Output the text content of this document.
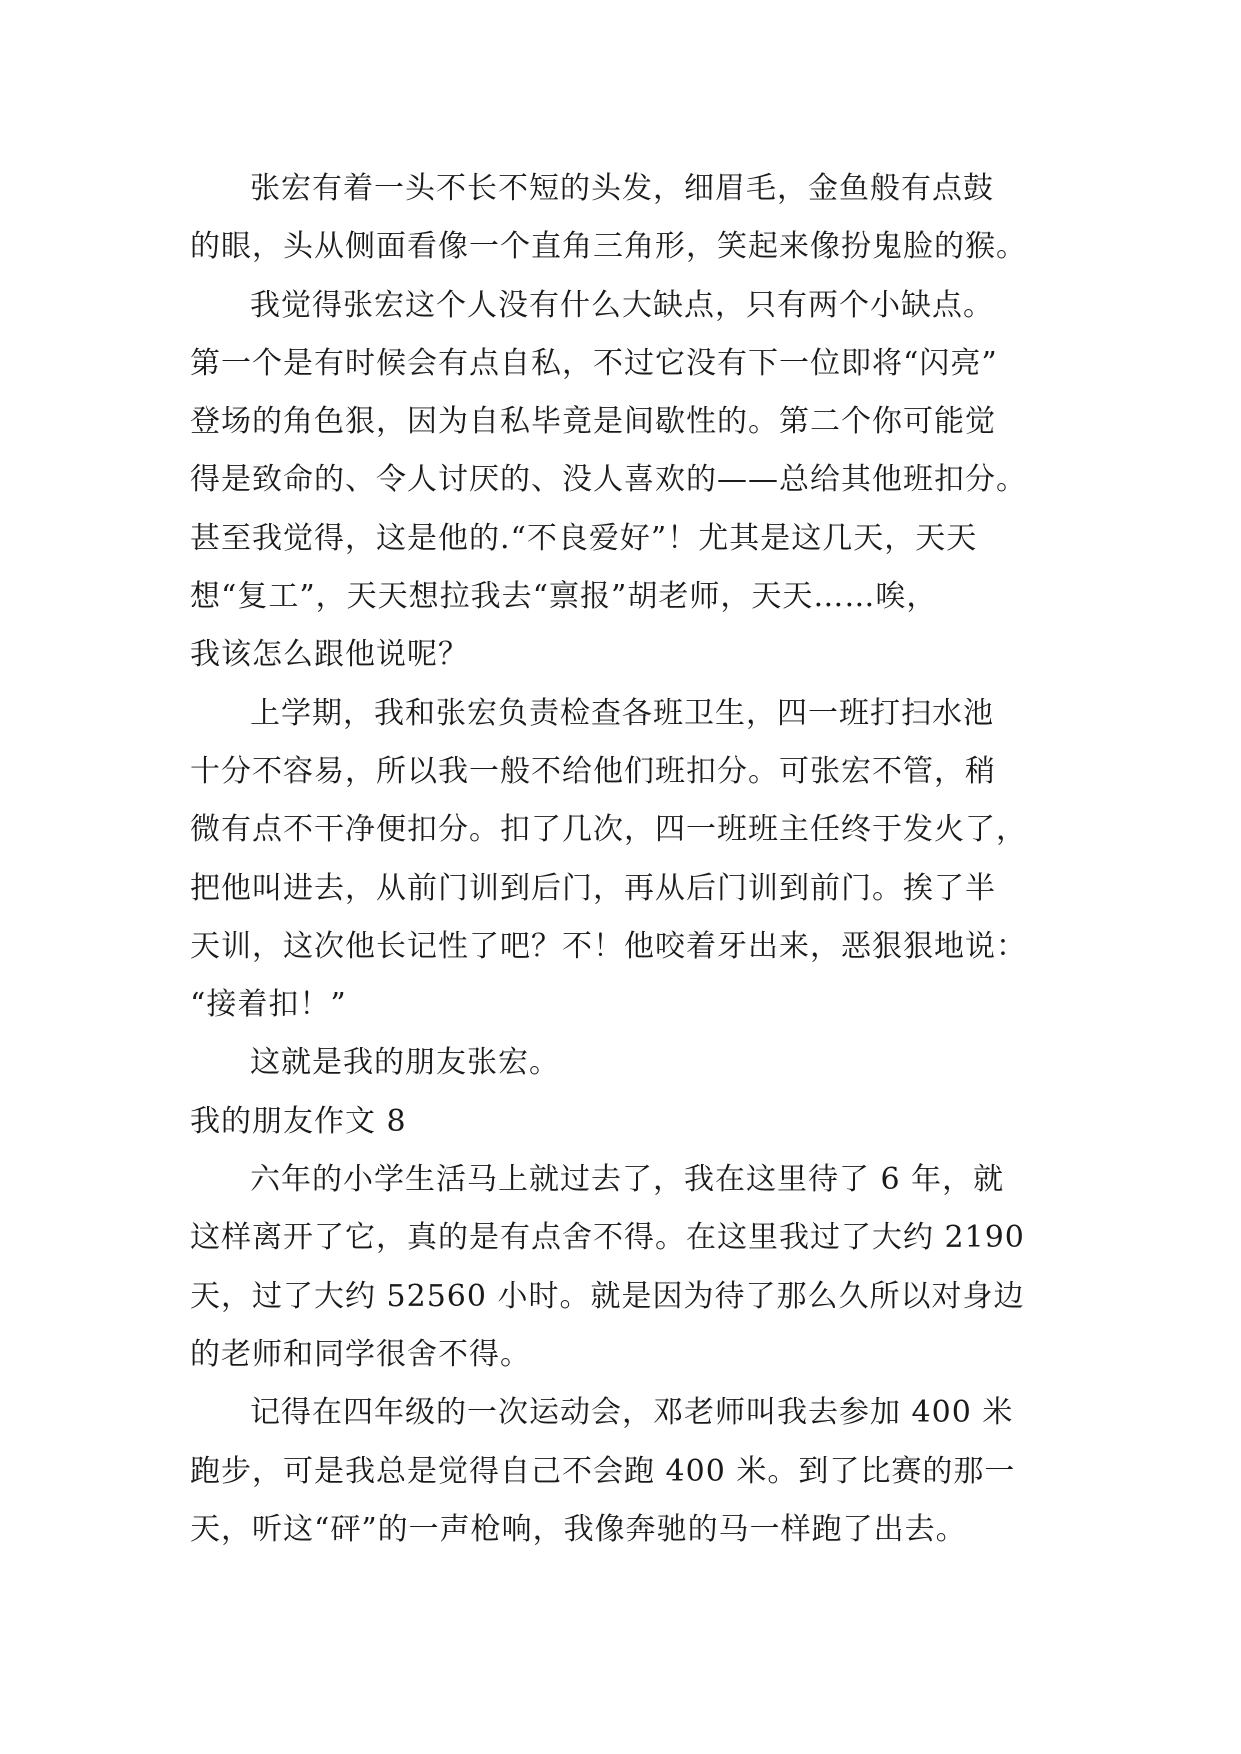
张宏有着一头不长不短的头发，细眉毛，金鱼般有点鼓
的眼，头从侧面看像一个直角三角形，笑起来像扮鬼脸的猴。

我觉得张宏这个人没有什么大缺点，只有两个小缺点。
第一个是有时候会有点自私，不过它没有下一位即将“闪亮”
登场的角色狠，因为自私毕竟是间歇性的。第二个你可能觉
得是致命的、令人讨厌的、没人喜欢的——总给其他班扣分。
甚至我觉得，这是他的.“不良爱好”！尤其是这几天，天天
想“复工”，天天想拉我去“禀报”胡老师，天天……唉，
我该怎么跟他说呢？

上学期，我和张宏负责检查各班卫生，四一班打扫水池
十分不容易，所以我一般不给他们班扣分。可张宏不管，稍
微有点不干净便扣分。扣了几次，四一班班主任终于发火了，
把他叫进去，从前门训到后门，再从后门训到前门。挨了半
天训，这次他长记性了吧？不！他咬着牙出来，恶狠狠地说：
“接着扣！”

这就是我的朋友张宏。

我的朋友作文 8

六年的小学生活马上就过去了，我在这里待了 6 年，就
这样离开了它，真的是有点舍不得。在这里我过了大约 2190
天，过了大约 52560 小时。就是因为待了那么久所以对身边
的老师和同学很舍不得。

记得在四年级的一次运动会，邓老师叫我去参加 400 米
跑步，可是我总是觉得自己不会跑 400 米。到了比赛的那一
天，听这“砰”的一声枪响，我像奔驰的马一样跑了出去。
